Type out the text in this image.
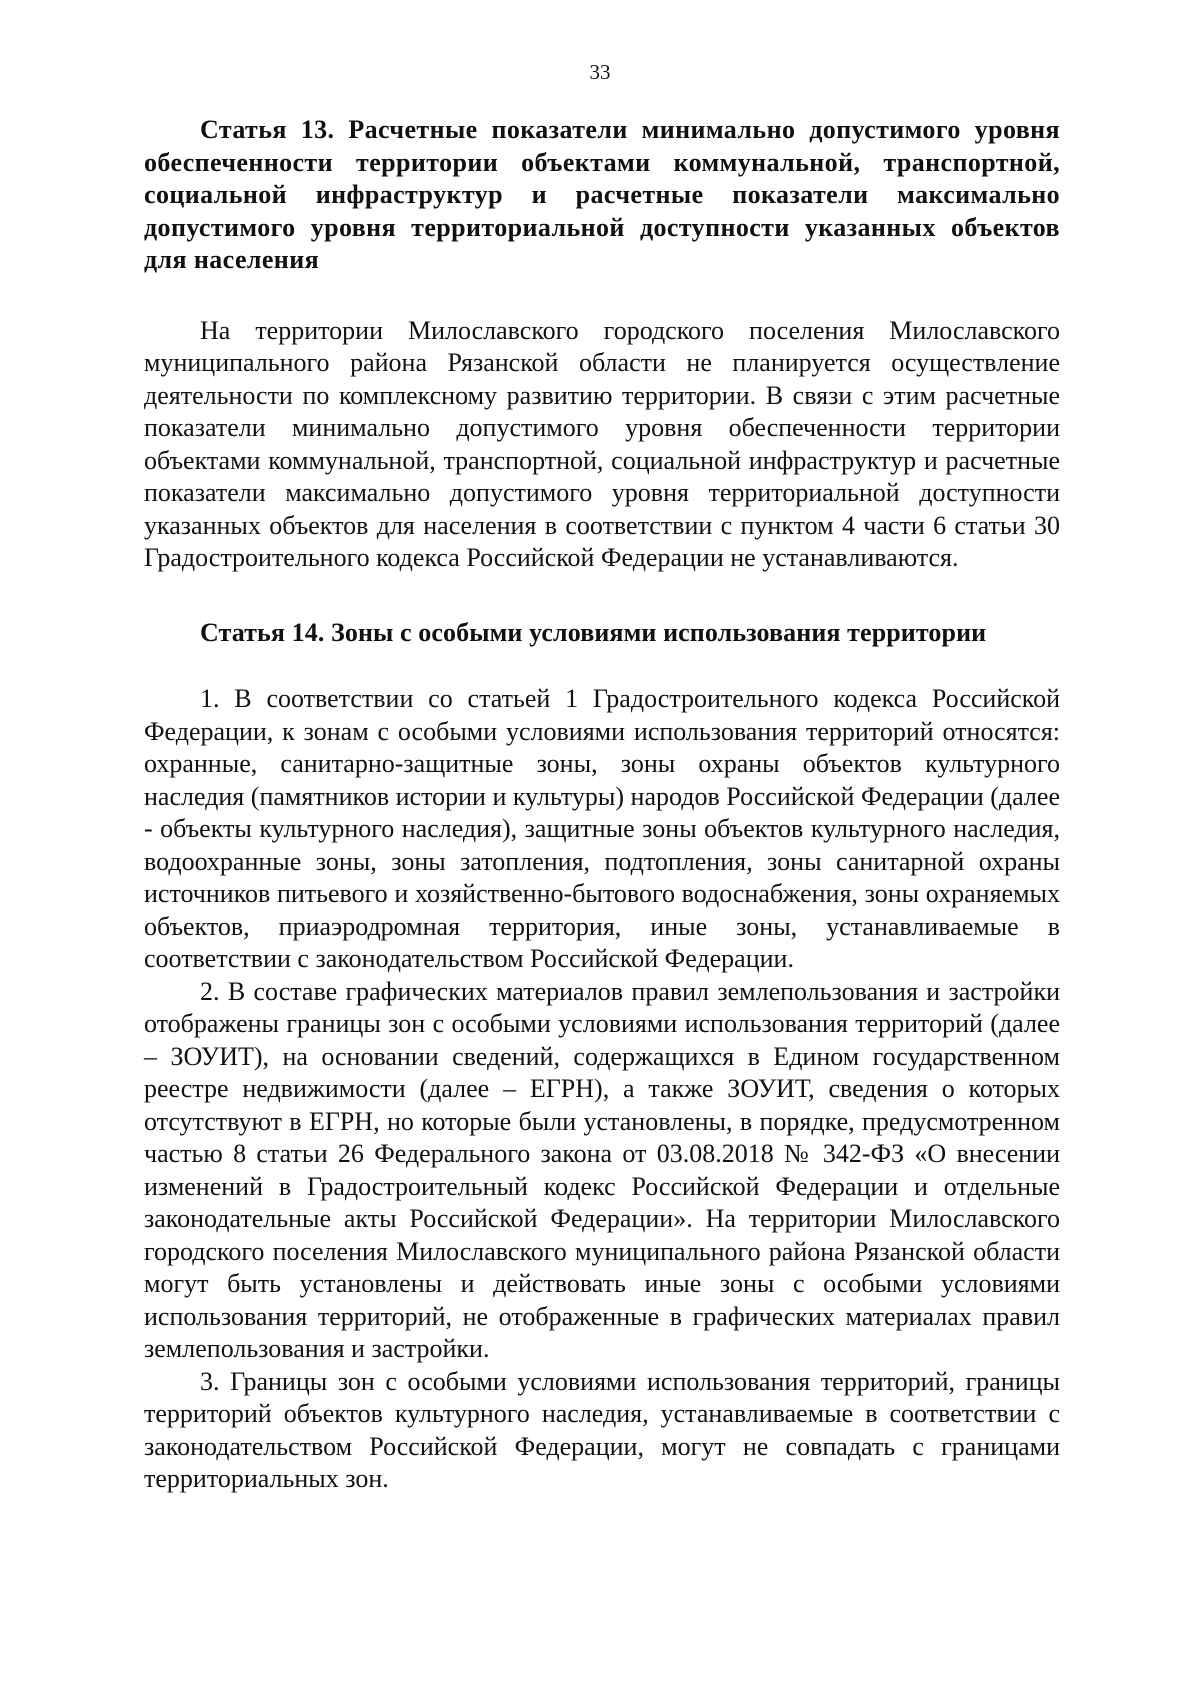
33

Статья 13. Расчетные показатели минимально допустимого уровня обеспеченности территории объектами коммунальной, транспортной, социальной инфраструктур и расчетные показатели максимально допустимого уровня территориальной доступности указанных объектов для населения

На территории Милославского городского поселения Милославского муниципального района Рязанской области не планируется осуществление деятельности по комплексному развитию территории. В связи с этим расчетные показатели минимально допустимого уровня обеспеченности территории объектами коммунальной, транспортной, социальной инфраструктур и расчетные показатели максимально допустимого уровня территориальной доступности указанных объектов для населения в соответствии с пунктом 4 части 6 статьи 30 Градостроительного кодекса Российской Федерации не устанавливаются.

Статья 14. Зоны с особыми условиями использования территории

1. В соответствии со статьей 1 Градостроительного кодекса Российской Федерации, к зонам с особыми условиями использования территорий относятся: охранные, санитарно-защитные зоны, зоны охраны объектов культурного наследия (памятников истории и культуры) народов Российской Федерации (далее - объекты культурного наследия), защитные зоны объектов культурного наследия, водоохранные зоны, зоны затопления, подтопления, зоны санитарной охраны источников питьевого и хозяйственно-бытового водоснабжения, зоны охраняемых объектов, приаэродромная территория, иные зоны, устанавливаемые в соответствии с законодательством Российской Федерации.

2. В составе графических материалов правил землепользования и застройки отображены границы зон с особыми условиями использования территорий (далее – ЗОУИТ), на основании сведений, содержащихся в Едином государственном реестре недвижимости (далее – ЕГРН), а также ЗОУИТ, сведения о которых отсутствуют в ЕГРН, но которые были установлены, в порядке, предусмотренном частью 8 статьи 26 Федерального закона от 03.08.2018 № 342-ФЗ «О внесении изменений в Градостроительный кодекс Российской Федерации и отдельные законодательные акты Российской Федерации». На территории Милославского городского поселения Милославского муниципального района Рязанской области могут быть установлены и действовать иные зоны с особыми условиями использования территорий, не отображенные в графических материалах правил землепользования и застройки.

3. Границы зон с особыми условиями использования территорий, границы территорий объектов культурного наследия, устанавливаемые в соответствии с законодательством Российской Федерации, могут не совпадать с границами территориальных зон.
